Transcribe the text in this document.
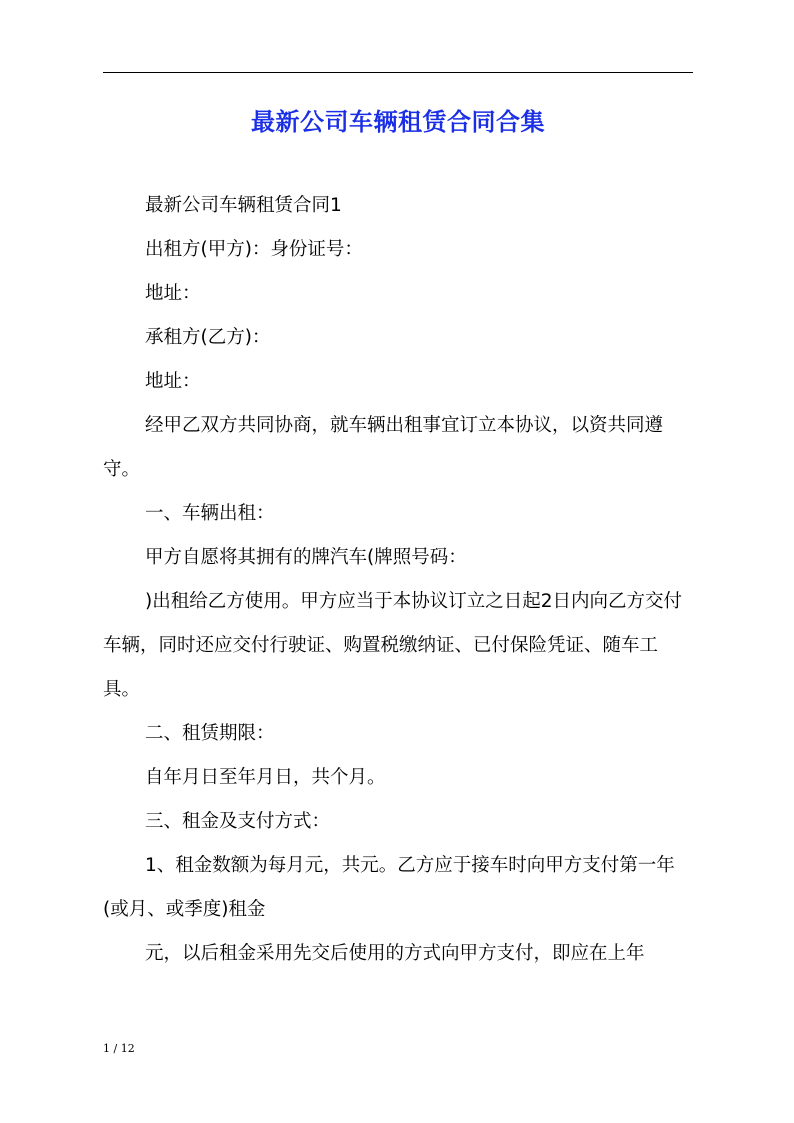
最新公司车辆租赁合同合集

最新公司车辆租赁合同1

出租方(甲方)：身份证号：

地址：

承租方(乙方)：

地址：

经甲乙双方共同协商，就车辆出租事宜订立本协议，以资共同遵守。

一、车辆出租：

甲方自愿将其拥有的牌汽车(牌照号码：

)出租给乙方使用。甲方应当于本协议订立之日起2日内向乙方交付车辆，同时还应交付行驶证、购置税缴纳证、已付保险凭证、随车工具。

二、租赁期限：

自年月日至年月日，共个月。

三、租金及支付方式：

1、租金数额为每月元，共元。乙方应于接车时向甲方支付第一年(或月、或季度)租金

元，以后租金采用先交后使用的方式向甲方支付，即应在上年

1 / 12
